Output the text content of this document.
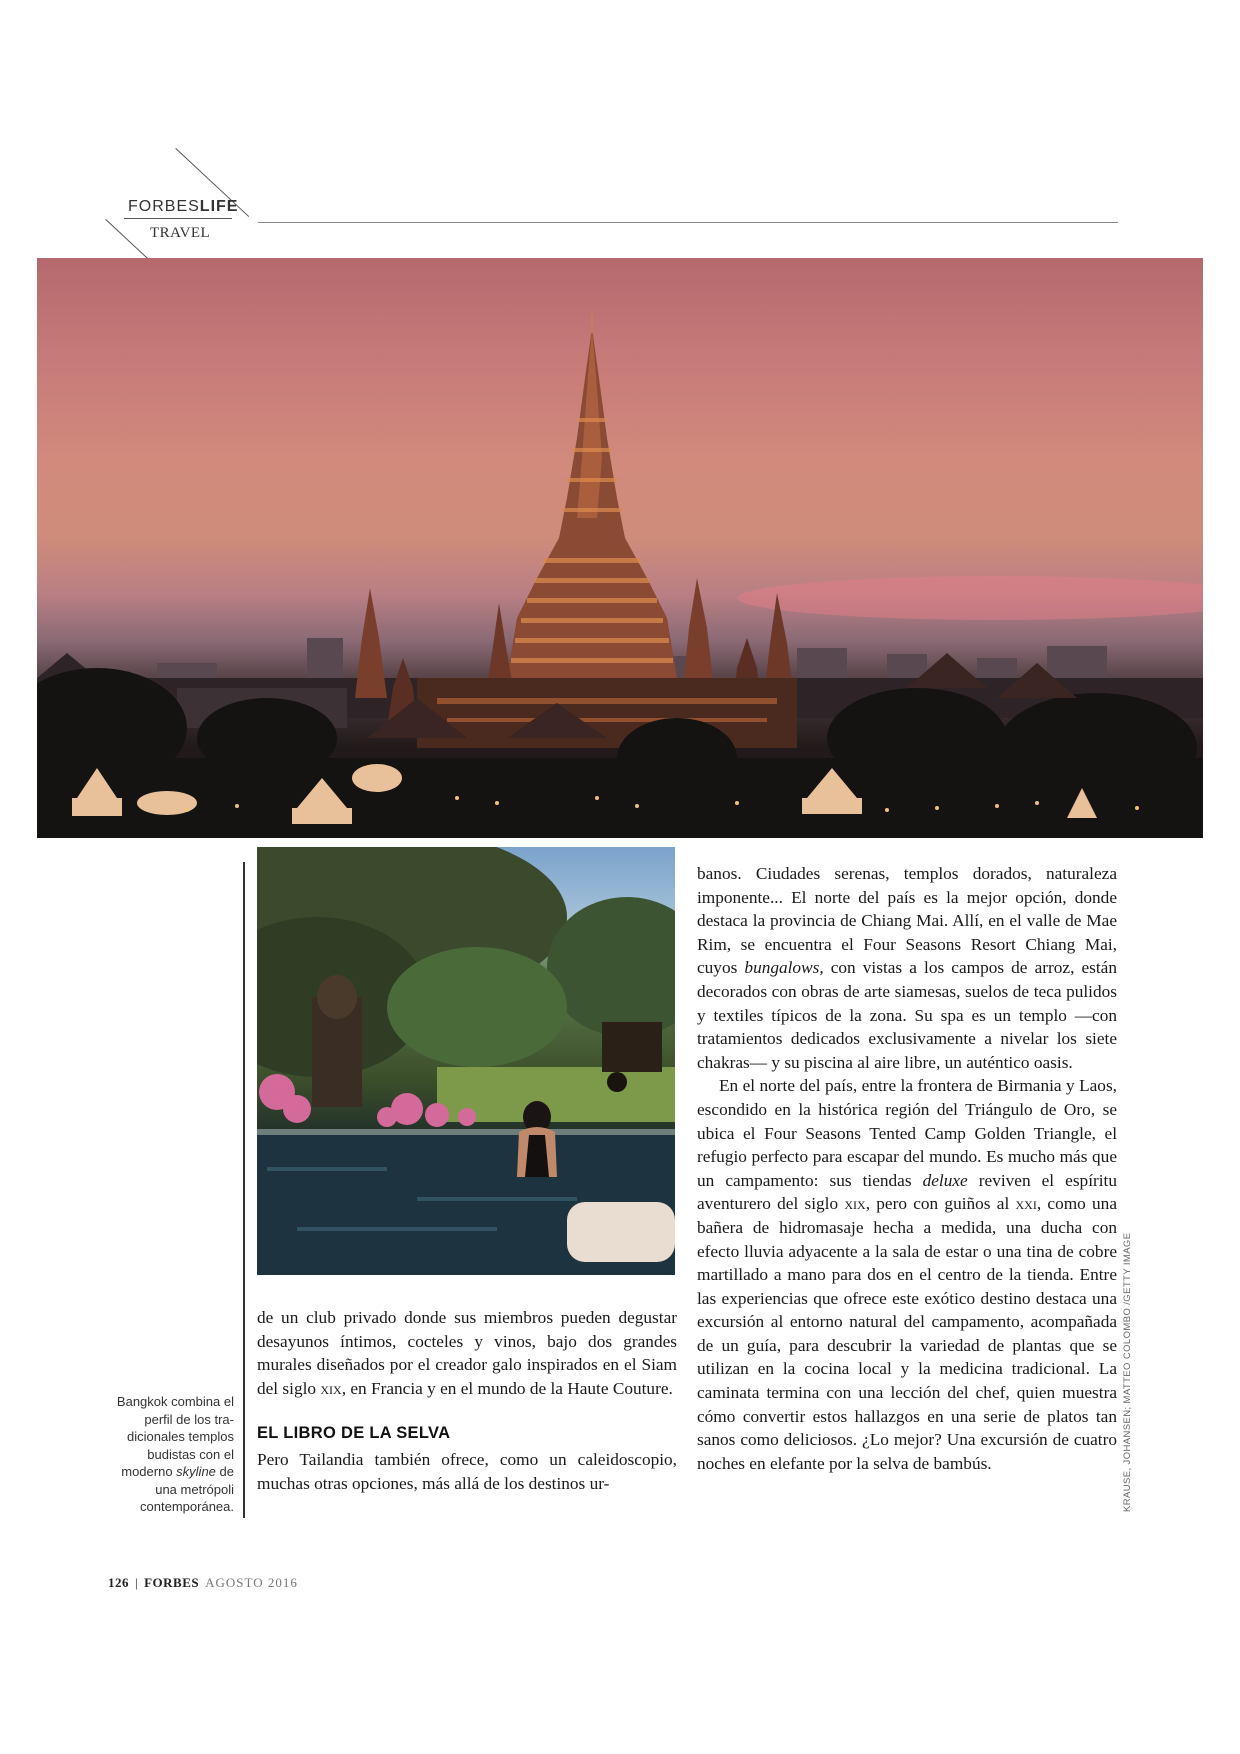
FORBESLIFE
TRAVEL
Bangkok combina el perfil de los tradicionales templos budistas con el moderno skyline de una metrópoli contemporánea.

de un club privado donde sus miembros pueden degustar desayunos íntimos, cocteles y vinos, bajo dos grandes murales diseñados por el creador galo inspirados en el Siam del siglo xix, en Francia y en el mundo de la Haute Couture.

EL LIBRO DE LA SELVA

Pero Tailandia también ofrece, como un caleidoscopio, muchas otras opciones, más allá de los destinos ur-

banos. Ciudades serenas, templos dorados, naturaleza imponente... El norte del país es la mejor opción, donde destaca la provincia de Chiang Mai. Allí, en el valle de Mae Rim, se encuentra el Four Seasons Resort Chiang Mai, cuyos bungalows, con vistas a los campos de arroz, están decorados con obras de arte siamesas, suelos de teca pulidos y textiles típicos de la zona. Su spa es un templo —con tratamientos dedicados exclusivamente a nivelar los siete chakras— y su piscina al aire libre, un auténtico oasis.

En el norte del país, entre la frontera de Birmania y Laos, escondido en la histórica región del Triángulo de Oro, se ubica el Four Seasons Tented Camp Golden Triangle, el refugio perfecto para escapar del mundo. Es mucho más que un campamento: sus tiendas deluxe reviven el espíritu aventurero del siglo xix, pero con guiños al xxi, como una bañera de hidromasaje hecha a medida, una ducha con efecto lluvia adyacente a la sala de estar o una tina de cobre martillado a mano para dos en el centro de la tienda. Entre las experiencias que ofrece este exótico destino destaca una excursión al entorno natural del campamento, acompañada de un guía, para descubrir la variedad de plantas que se utilizan en la cocina local y la medicina tradicional. La caminata termina con una lección del chef, quien muestra cómo convertir estos hallazgos en una serie de platos tan sanos como deliciosos. ¿Lo mejor? Una excursión de cuatro noches en elefante por la selva de bambús.	KRAUSE, JOHANSEN; MATTEO COLOMBO /GETTY IMAGE
126 | FORBES AGOSTO 2016
